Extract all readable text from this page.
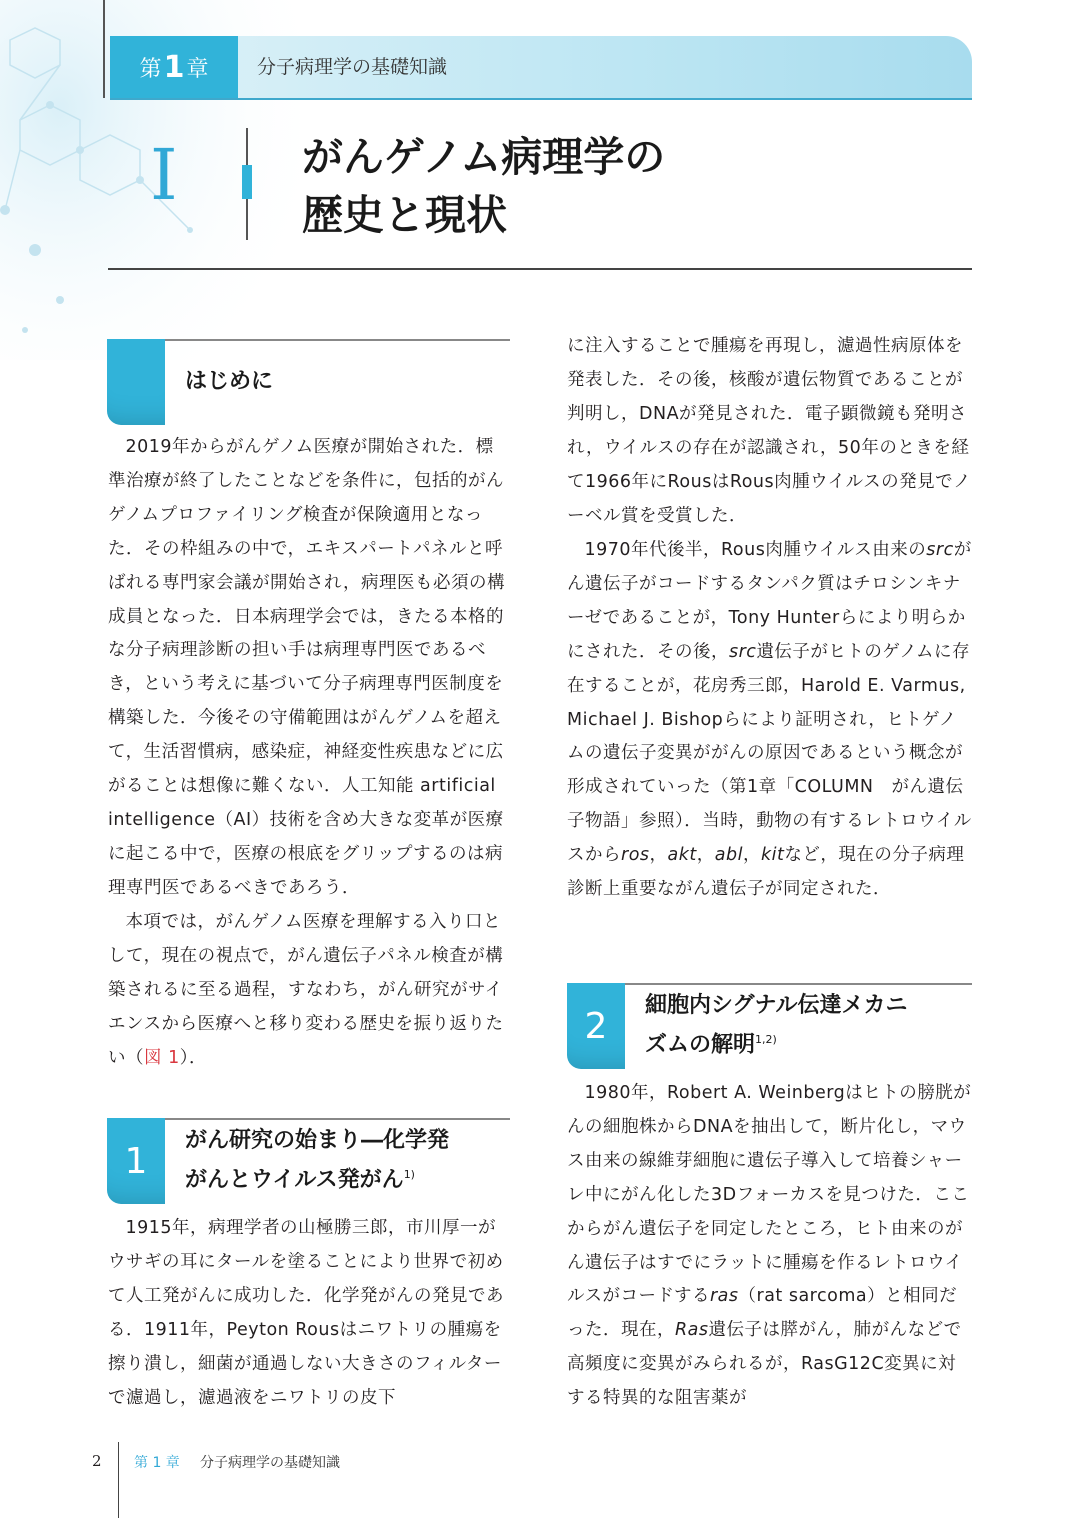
第 1 章	分子病理学の基礎知識
I	がんゲノム病理学の
歴史と現状
はじめに

2019年からがんゲノム医療が開始された．標準治療が終了したことなどを条件に，包括的がんゲノムプロファイリング検査が保険適用となった．その枠組みの中で，エキスパートパネルと呼ばれる専門家会議が開始され，病理医も必須の構成員となった．日本病理学会では，きたる本格的な分子病理診断の担い手は病理専門医であるべき，という考えに基づいて分子病理専門医制度を構築した．今後その守備範囲はがんゲノムを超えて，生活習慣病，感染症，神経変性疾患などに広がることは想像に難くない．人工知能 artificial intelligence（AI）技術を含め大きな変革が医療に起こる中で，医療の根底をグリップするのは病理専門医であるべきであろう．

本項では，がんゲノム医療を理解する入り口として，現在の視点で，がん遺伝子パネル検査が構築されるに至る過程，すなわち，がん研究がサイエンスから医療へと移り変わる歴史を振り返りたい（図 1）．

1	がん研究の始まり―化学発
がんとウイルス発がん$^{1)}$

1915年，病理学者の山極勝三郎，市川厚一がウサギの耳にタールを塗ることにより世界で初めて人工発がんに成功した．化学発がんの発見である．1911年，Peyton Rousはニワトリの腫瘍を擦り潰し，細菌が通過しない大きさのフィルターで濾過し，濾過液をニワトリの皮下

に注入することで腫瘍を再現し，濾過性病原体を発表した．その後，核酸が遺伝物質であることが判明し，DNAが発見された．電子顕微鏡も発明され，ウイルスの存在が認識され，50年のときを経て1966年にRousはRous肉腫ウイルスの発見でノーベル賞を受賞した．

1970年代後半，Rous肉腫ウイルス由来のsrcがん遺伝子がコードするタンパク質はチロシンキナーゼであることが，Tony Hunterらにより明らかにされた．その後，src遺伝子がヒトのゲノムに存在することが，花房秀三郎，Harold E. Varmus, Michael J. Bishopらにより証明され，ヒトゲノムの遺伝子変異ががんの原因であるという概念が形成されていった（第1章「COLUMN　がん遺伝子物語」参照）．当時，動物の有するレトロウイルスからros，akt，abl，kitなど，現在の分子病理診断上重要ながん遺伝子が同定された．

2	細胞内シグナル伝達メカニ
ズムの解明$^{1,2)}$

1980年，Robert A. Weinbergはヒトの膀胱がんの細胞株からDNAを抽出して，断片化し，マウス由来の線維芽細胞に遺伝子導入して培養シャーレ中にがん化した3Dフォーカスを見つけた．ここからがん遺伝子を同定したところ，ヒト由来のがん遺伝子はすでにラットに腫瘍を作るレトロウイルスがコードするras（rat sarcoma）と相同だった．現在，Ras遺伝子は膵がん，肺がんなどで高頻度に変異がみられるが，RasG12C変異に対する特異的な阻害薬が

2 第 1 章 分子病理学の基礎知識
